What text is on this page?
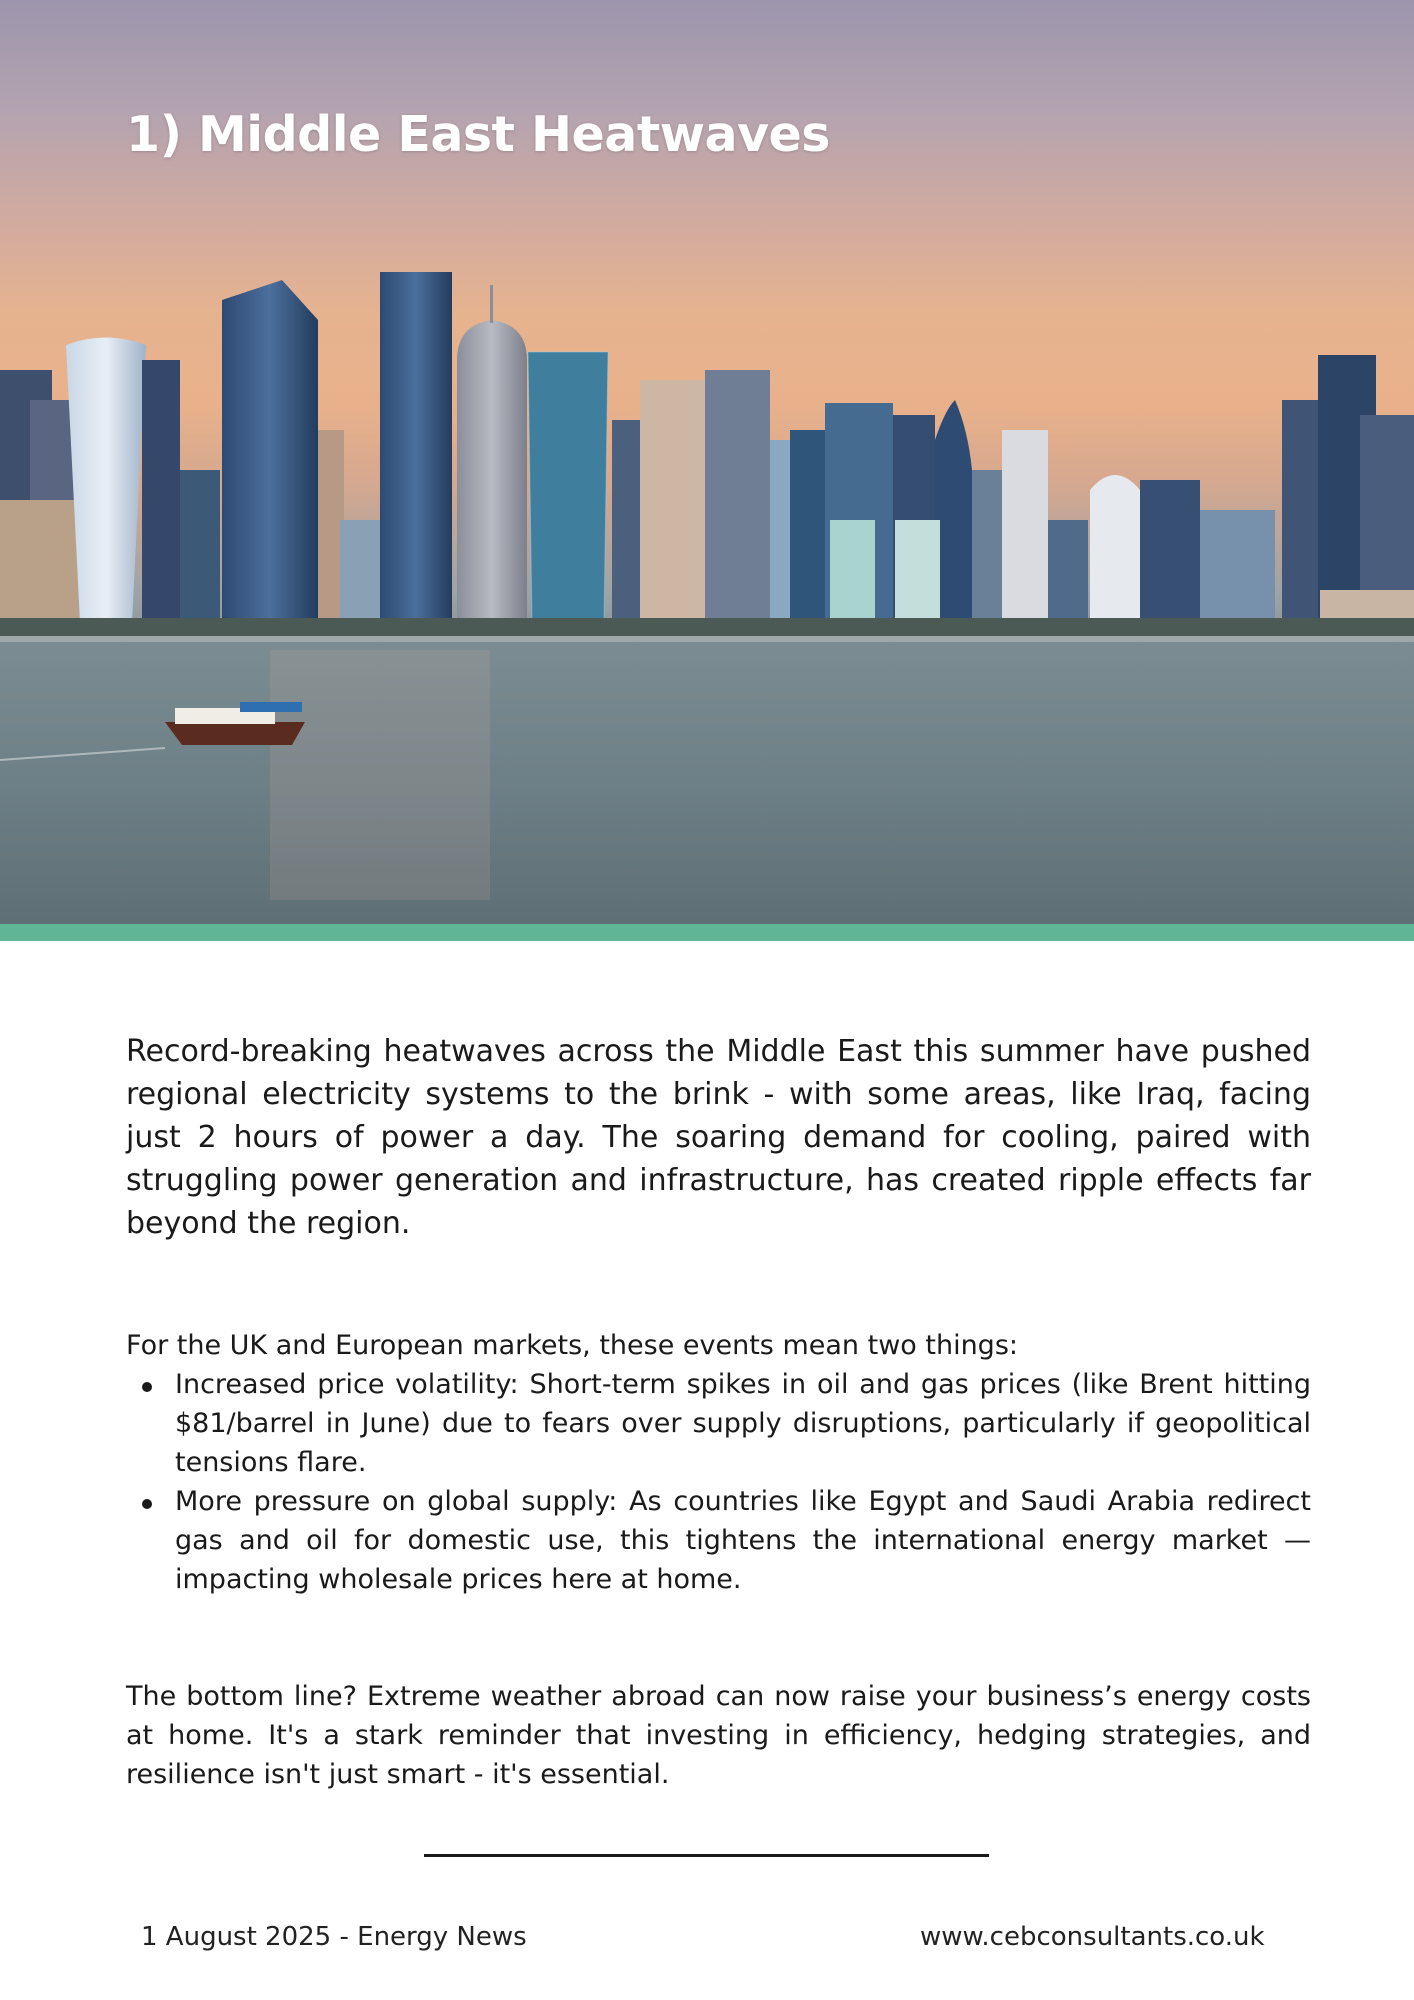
1) Middle East Heatwaves

Record-breaking heatwaves across the Middle East this summer have pushed regional electricity systems to the brink - with some areas, like Iraq, facing just 2 hours of power a day. The soaring demand for cooling, paired with struggling power generation and infrastructure, has created ripple effects far beyond the region.

For the UK and European markets, these events mean two things:

Increased price volatility: Short-term spikes in oil and gas prices (like Brent hitting $81/barrel in June) due to fears over supply disruptions, particularly if geopolitical tensions flare.
More pressure on global supply: As countries like Egypt and Saudi Arabia redirect gas and oil for domestic use, this tightens the international energy market — impacting wholesale prices here at home.

The bottom line? Extreme weather abroad can now raise your business’s energy costs at home. It's a stark reminder that investing in efficiency, hedging strategies, and resilience isn't just smart - it's essential.

1 August 2025 - Energy News	www.cebconsultants.co.uk
